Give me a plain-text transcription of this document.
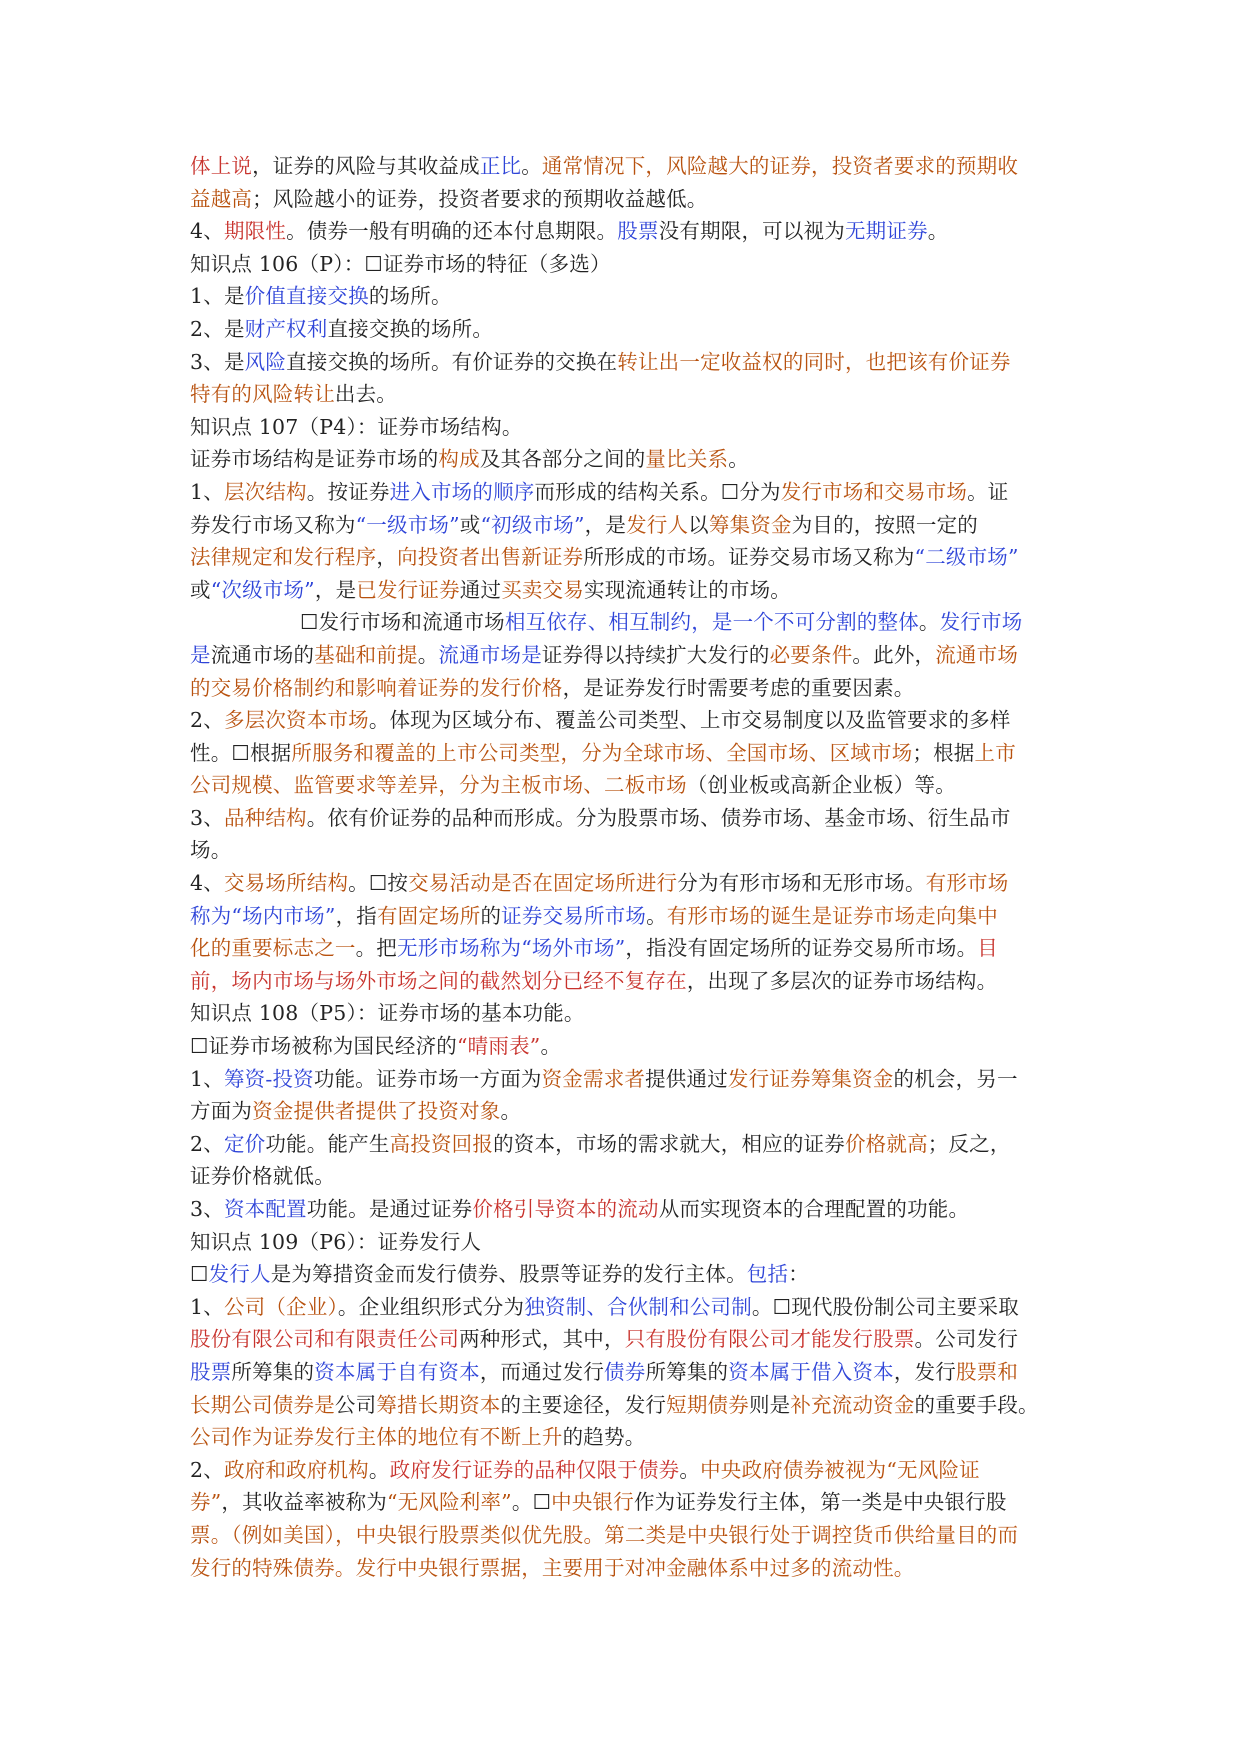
体上说，证券的风险与其收益成正比。通常情况下，风险越大的证券，投资者要求的预期收
益越高；风险越小的证券，投资者要求的预期收益越低。
4、期限性。债券一般有明确的还本付息期限。股票没有期限，可以视为无期证券。
知识点 106（P）：☐证券市场的特征（多选）
1、是价值直接交换的场所。
2、是财产权利直接交换的场所。
3、是风险直接交换的场所。有价证券的交换在转让出一定收益权的同时，也把该有价证券
特有的风险转让出去。
知识点 107（P4）：证券市场结构。
证券市场结构是证券市场的构成及其各部分之间的量比关系。
1、层次结构。按证券进入市场的顺序而形成的结构关系。☐分为发行市场和交易市场。证
券发行市场又称为“一级市场”或“初级市场”，是发行人以筹集资金为目的，按照一定的
法律规定和发行程序，向投资者出售新证券所形成的市场。证券交易市场又称为“二级市场”
或“次级市场”，是已发行证券通过买卖交易实现流通转让的市场。
☐发行市场和流通市场相互依存、相互制约，是一个不可分割的整体。发行市场
是流通市场的基础和前提。流通市场是证券得以持续扩大发行的必要条件。此外，流通市场
的交易价格制约和影响着证券的发行价格，是证券发行时需要考虑的重要因素。
2、多层次资本市场。体现为区域分布、覆盖公司类型、上市交易制度以及监管要求的多样
性。☐根据所服务和覆盖的上市公司类型，分为全球市场、全国市场、区域市场；根据上市
公司规模、监管要求等差异，分为主板市场、二板市场（创业板或高新企业板）等。
3、品种结构。依有价证券的品种而形成。分为股票市场、债券市场、基金市场、衍生品市
场。
4、交易场所结构。☐按交易活动是否在固定场所进行分为有形市场和无形市场。有形市场
称为“场内市场”，指有固定场所的证券交易所市场。有形市场的诞生是证券市场走向集中
化的重要标志之一。把无形市场称为“场外市场”，指没有固定场所的证券交易所市场。目
前，场内市场与场外市场之间的截然划分已经不复存在，出现了多层次的证券市场结构。
知识点 108（P5）：证券市场的基本功能。
☐证券市场被称为国民经济的“晴雨表”。
1、筹资-投资功能。证券市场一方面为资金需求者提供通过发行证券筹集资金的机会，另一
方面为资金提供者提供了投资对象。
2、定价功能。能产生高投资回报的资本，市场的需求就大，相应的证券价格就高；反之，
证券价格就低。
3、资本配置功能。是通过证券价格引导资本的流动从而实现资本的合理配置的功能。
知识点 109（P6）：证券发行人
☐发行人是为筹措资金而发行债券、股票等证券的发行主体。包括：
1、公司（企业）。企业组织形式分为独资制、合伙制和公司制。☐现代股份制公司主要采取
股份有限公司和有限责任公司两种形式，其中，只有股份有限公司才能发行股票。公司发行
股票所筹集的资本属于自有资本，而通过发行债券所筹集的资本属于借入资本，发行股票和
长期公司债券是公司筹措长期资本的主要途径，发行短期债券则是补充流动资金的重要手段。
公司作为证券发行主体的地位有不断上升的趋势。
2、政府和政府机构。政府发行证券的品种仅限于债券。中央政府债券被视为“无风险证
券”，其收益率被称为“无风险利率”。☐中央银行作为证券发行主体，第一类是中央银行股
票。（例如美国），中央银行股票类似优先股。第二类是中央银行处于调控货币供给量目的而
发行的特殊债券。发行中央银行票据，主要用于对冲金融体系中过多的流动性。
